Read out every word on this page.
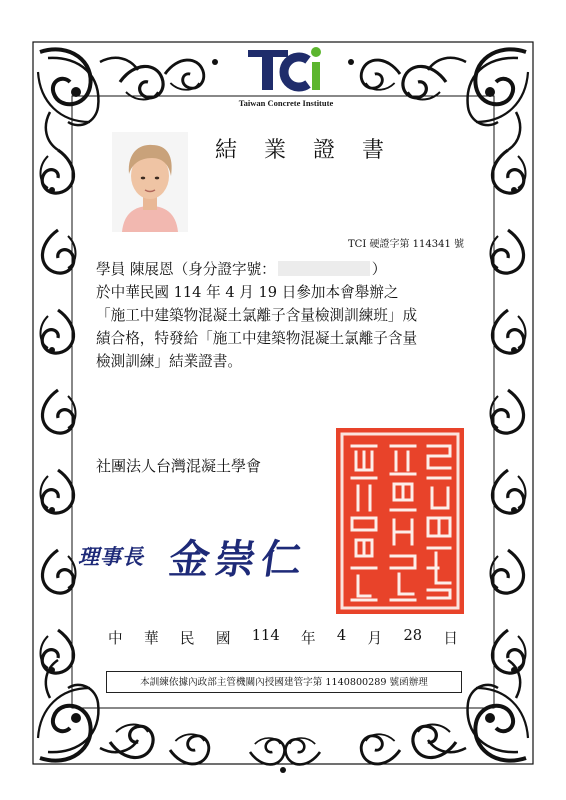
Taiwan Concrete Institute
結 業 證 書
TCI 硬證字第 114341 號

學員 陳展恩（身分證字號：	）

於中華民國 114 年 4 月 19 日參加本會舉辦之

「施工中建築物混凝土氯離子含量檢測訓練班」成

績合格，特發給「施工中建築物混凝土氯離子含量

檢測訓練」結業證書。

社團法人台灣混凝土學會
理事長 金崇仁
中 華 民 國 114 年 4 月 28 日
本訓練依據內政部主管機關內授國建管字第 1140800289 號函辦理
